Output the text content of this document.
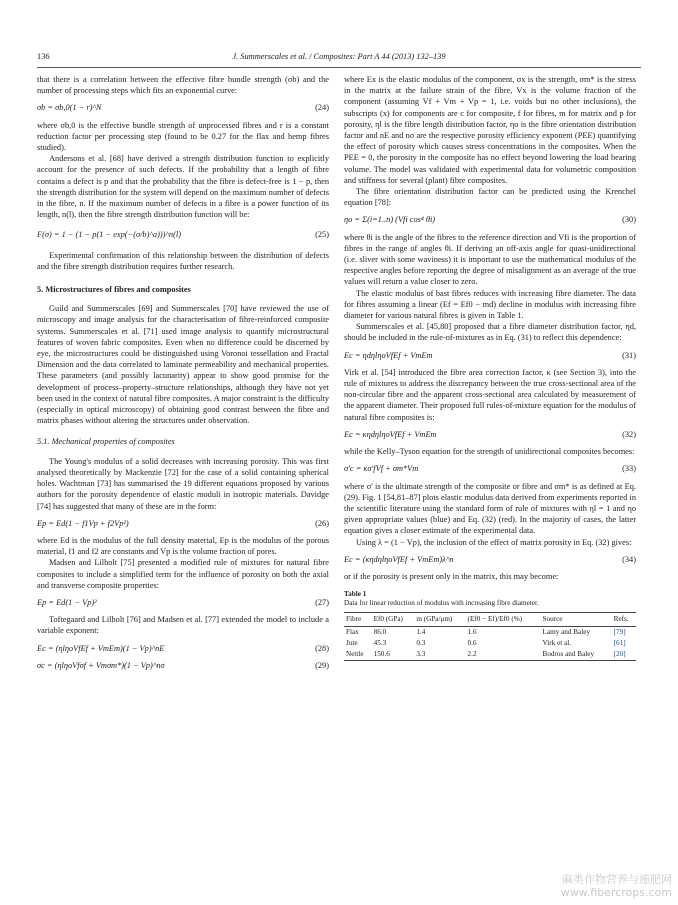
136	J. Summerscales et al. / Composites: Part A 44 (2013) 132–139

that there is a correlation between the effective fibre bundle strength (σb) and the number of processing steps which fits an exponential curve:

σb = σb,0(1 − r)^N	(24)

where σb,0 is the effective bundle strength of unprocessed fibres and r is a constant reduction factor per processing step (found to be 0.27 for the flax and hemp fibres studied).

Andersons et al. [68] have derived a strength distribution function to explicitly account for the presence of such defects. If the probability that a length of fibre contains a defect is p and that the probability that the fibre is defect-free is 1 − p, then the strength distribution for the system will depend on the maximum number of defects in the fibre, n. If the maximum number of defects in a fibre is a power function of its length, n(l), then the fibre strength distribution function will be:

F(σ) = 1 − (1 − p(1 − exp(−(σ/b)^a)))^n(l)	(25)

Experimental confirmation of this relationship between the distribution of defects and the fibre strength distribution requires further research.

5. Microstructures of fibres and composites

Guild and Summerscales [69] and Summerscales [70] have reviewed the use of microscopy and image analysis for the characterisation of fibre-reinforced composite systems. Summerscales et al. [71] used image analysis to quantify microstructural features of woven fabric composites. Even when no difference could be discerned by eye, the microstructures could be distinguished using Voronoi tessellation and Fractal Dimension and the data correlated to laminate permeability and mechanical properties. These parameters (and possibly lacunarity) appear to show good promise for the development of process–property–structure relationships, although they have not yet been used in the context of natural fibre composites. A major constraint is the difficulty (especially in optical microscopy) of obtaining good contrast between the fibre and matrix phases without altering the structures under observation.

5.1. Mechanical properties of composites

The Young's modulus of a solid decreases with increasing porosity. This was first analysed theoretically by Mackenzie [72] for the case of a solid containing spherical holes. Wachtman [73] has summarised the 19 different equations proposed by various authors for the porosity dependence of elastic moduli in isotropic materials. Davidge [74] has suggested that many of these are in the form:

Ep = Ed(1 − f1Vp + f2Vp²)	(26)

where Ed is the modulus of the full density material, Ep is the modulus of the porous material, f1 and f2 are constants and Vp is the volume fraction of pores.

Madsen and Lilholt [75] presented a modified rule of mixtures for natural fibre composites to include a simplified term for the influence of porosity on both the axial and transverse composite properties:

Ep = Ed(1 − Vp)²	(27)

Toftegaard and Lilholt [76] and Madsen et al. [77] extended the model to include a variable exponent:

Ec = (ηlηoVfEf + VmEm)(1 − Vp)^nE	(28)
σc = (ηlηoVfσf + Vmσm*)(1 − Vp)^nσ	(29)

where Ex is the elastic modulus of the component, σx is the strength, σm* is the stress in the matrix at the failure strain of the fibre, Vx is the volume fraction of the component (assuming Vf + Vm + Vp = 1, i.e. voids but no other inclusions), the subscripts (x) for components are c for composite, f for fibres, m for matrix and p for porosity, ηl is the fibre length distribution factor, ηo is the fibre orientation distribution factor and nE and nσ are the respective porosity efficiency exponent (PEE) quantifying the effect of porosity which causes stress concentrations in the composites. When the PEE = 0, the porosity in the composite has no effect beyond lowering the load bearing volume. The model was validated with experimental data for volumetric composition and stiffness for several (plant) fibre composites.

The fibre orientation distribution factor can be predicted using the Krenchel equation [78]:

ηo = Σ(i=1..n) (Vfi cos⁴ θi)	(30)

where θi is the angle of the fibres to the reference direction and Vfi is the proportion of fibres in the range of angles θi. If deriving an off-axis angle for quasi-unidirectional (i.e. sliver with some waviness) it is important to use the mathematical modulus of the respective angles before reporting the degree of misalignment as an average of the true values will return a value closer to zero.

The elastic modulus of bast fibres reduces with increasing fibre diameter. The data for fibres assuming a linear (Ef = Ef0 − md) decline in modulus with increasing fibre diameter for various natural fibres is given in Table 1.

Summerscales et al. [45,80] proposed that a fibre diameter distribution factor, ηd, should be included in the rule-of-mixtures as in Eq. (31) to reflect this dependence:

Ec = ηdηlηoVfEf + VmEm	(31)

Virk et al. [54] introduced the fibre area correction factor, κ (see Section 3), into the rule of mixtures to address the discrepancy between the true cross-sectional area of the non-circular fibre and the apparent cross-sectional area calculated by measurement of the apparent diameter. Their proposed full rules-of-mixture equation for the modulus of natural fibre composites is:

Ec = κηdηlηoVfEf + VmEm	(32)

while the Kelly–Tyson equation for the strength of unidirectional composites becomes:

σ'c = κσ'fVf + σm*Vm	(33)

where σ' is the ultimate strength of the composite or fibre and σm* is as defined at Eq. (29). Fig. 1 [54,81–87] plots elastic modulus data derived from experiments reported in the scientific literature using the standard form of rule of mixtures with ηl = 1 and ηo given appropriate values (blue) and Eq. (32) (red). In the majority of cases, the latter equation gives a closer estimate of the experimental data.

Using λ = (1 − Vp), the inclusion of the effect of matrix porosity in Eq. (32) gives:

Ec = (κηdηlηoVfEf + VmEm)λ^n	(34)

or if the porosity is present only in the matrix, this may become:

Table 1
Data for linear reduction of modulus with increasing fibre diameter.
Fibre	Ef0 (GPa)	m (GPa/μm)	(Ef0 − Ef)/Ef0 (%)	Source	Refs.
Flax	86.0	1.4	1.6	Lamy and Baley	[79]
Jute	45.3	0.3	0.6	Virk et al.	[61]
Nettle	150.6	3.3	2.2	Bodros and Baley	[20]
麻类作物营养与施肥网
www.fibercrops.com
